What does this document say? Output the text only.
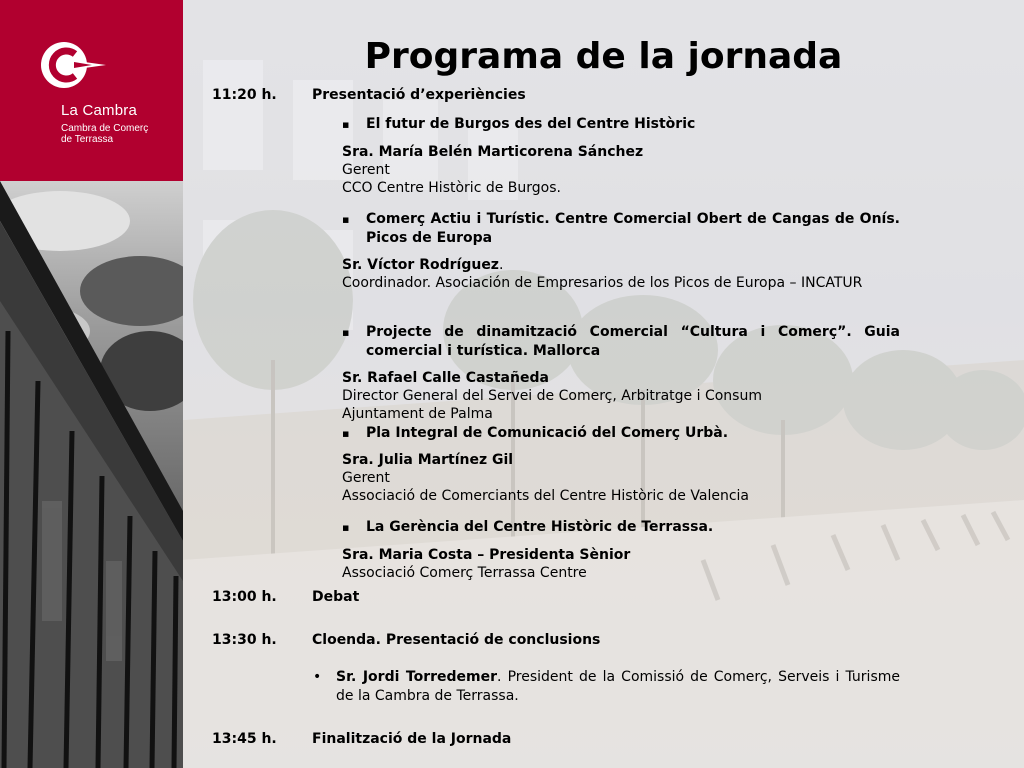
La Cambra
Cambra de Comerç
de Terrassa
Programa de la jornada
11:20 h.	Presentació d’experiències
▪ El futur de Burgos des del Centre Històric
Sra. María Belén Marticorena Sánchez
Gerent
CCO Centre Històric de Burgos.
▪ Comerç Actiu i Turístic. Centre Comercial Obert de Cangas de Onís. Picos de Europa
Sr. Víctor Rodríguez.
Coordinador. Asociación de Empresarios de los Picos de Europa – INCATUR
▪ Projecte de dinamització Comercial “Cultura i Comerç”. Guia comercial i turística. Mallorca
Sr. Rafael Calle Castañeda
Director General del Servei de Comerç, Arbitratge i Consum
Ajuntament de Palma
▪ Pla Integral de Comunicació del Comerç Urbà.
Sra. Julia Martínez Gil
Gerent
Associació de Comerciants del Centre Històric de Valencia
▪ La Gerència del Centre Històric de Terrassa.
Sra. Maria Costa – Presidenta Sènior
Associació Comerç Terrassa Centre
13:00 h.	Debat
13:30 h.	Cloenda. Presentació de conclusions
• Sr. Jordi Torredemer. President de la Comissió de Comerç, Serveis i Turisme de la Cambra de Terrassa.
13:45 h.	Finalització de la Jornada
